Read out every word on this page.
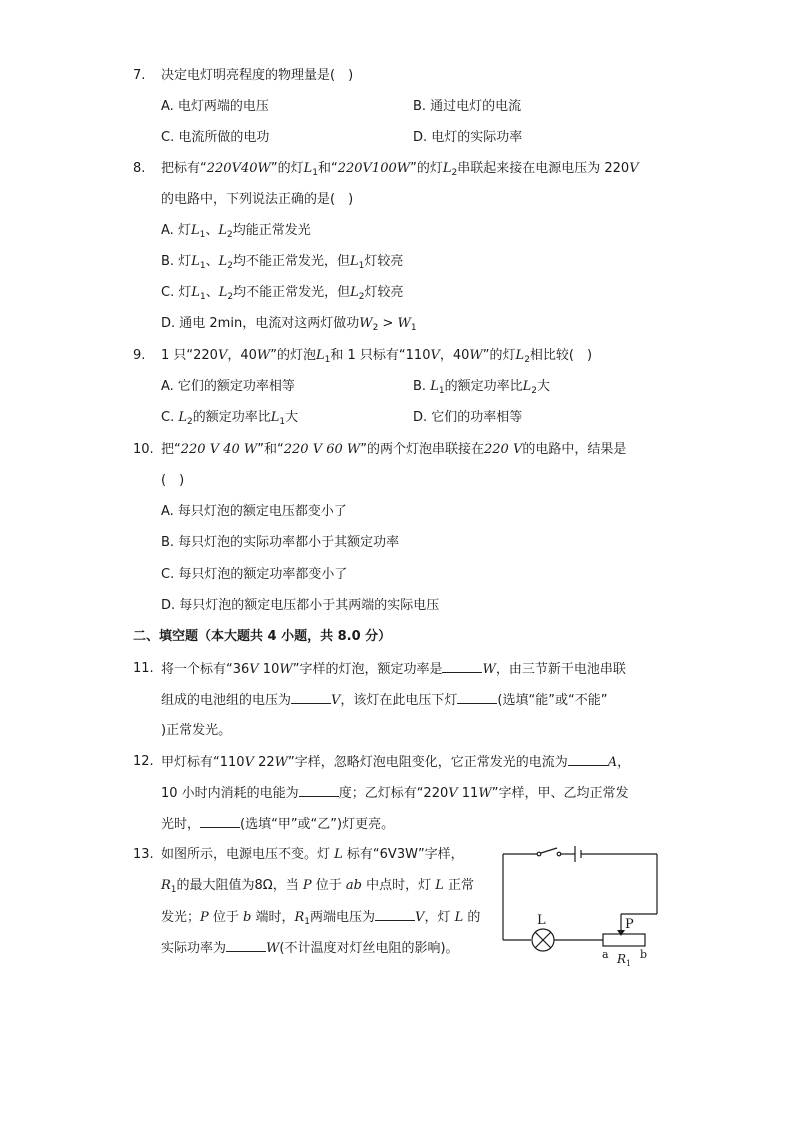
7. 决定电灯明亮程度的物理量是(　)
A. 电灯两端的电压	B. 通过电灯的电流
C. 电流所做的电功	D. 电灯的实际功率
8. 把标有“220V40W”的灯$L_1$和“220V100W”的灯$L_2$串联起来接在电源电压为 220V
的电路中，下列说法正确的是(　)
A. 灯$L_1$、$L_2$均能正常发光
B. 灯$L_1$、$L_2$均不能正常发光，但$L_1$灯较亮
C. 灯$L_1$、$L_2$均不能正常发光，但$L_2$灯较亮
D. 通电 2min，电流对这两灯做功$W_2 > W_1$
9. 1 只“220V，40W”的灯泡$L_1$和 1 只标有“110V，40W”的灯$L_2$相比较(　)
A. 它们的额定功率相等	B. $L_1$的额定功率比$L_2$大
C. $L_2$的额定功率比$L_1$大	D. 它们的功率相等
10. 把“220 V 40 W”和“220 V 60 W”的两个灯泡串联接在220 V的电路中，结果是
(　)
A. 每只灯泡的额定电压都变小了
B. 每只灯泡的实际功率都小于其额定功率
C. 每只灯泡的额定功率都变小了
D. 每只灯泡的额定电压都小于其两端的实际电压
二、填空题（本大题共 4 小题，共 8.0 分）
11. 将一个标有“36V 10W”字样的灯泡，额定功率是	W，由三节新干电池串联
组成的电池组的电压为	V，该灯在此电压下灯	(选填“能”或“不能”
)正常发光。
12. 甲灯标有“110V 22W”字样，忽略灯泡电阻变化，它正常发光的电流为	A，
10 小时内消耗的电能为	度；乙灯标有“220V 11W”字样，甲、乙均正常发
光时，	(选填“甲”或“乙”)灯更亮。
13. 如图所示，电源电压不变。灯 L 标有“6V3W”字样，
$R_1$的最大阻值为8Ω，当 P 位于 ab 中点时，灯 L 正常
发光；P 位于 b 端时，$R_1$两端电压为	V，灯 L 的
实际功率为	W(不计温度对灯丝电阻的影响)。
L	P
a	b
$R_1$
